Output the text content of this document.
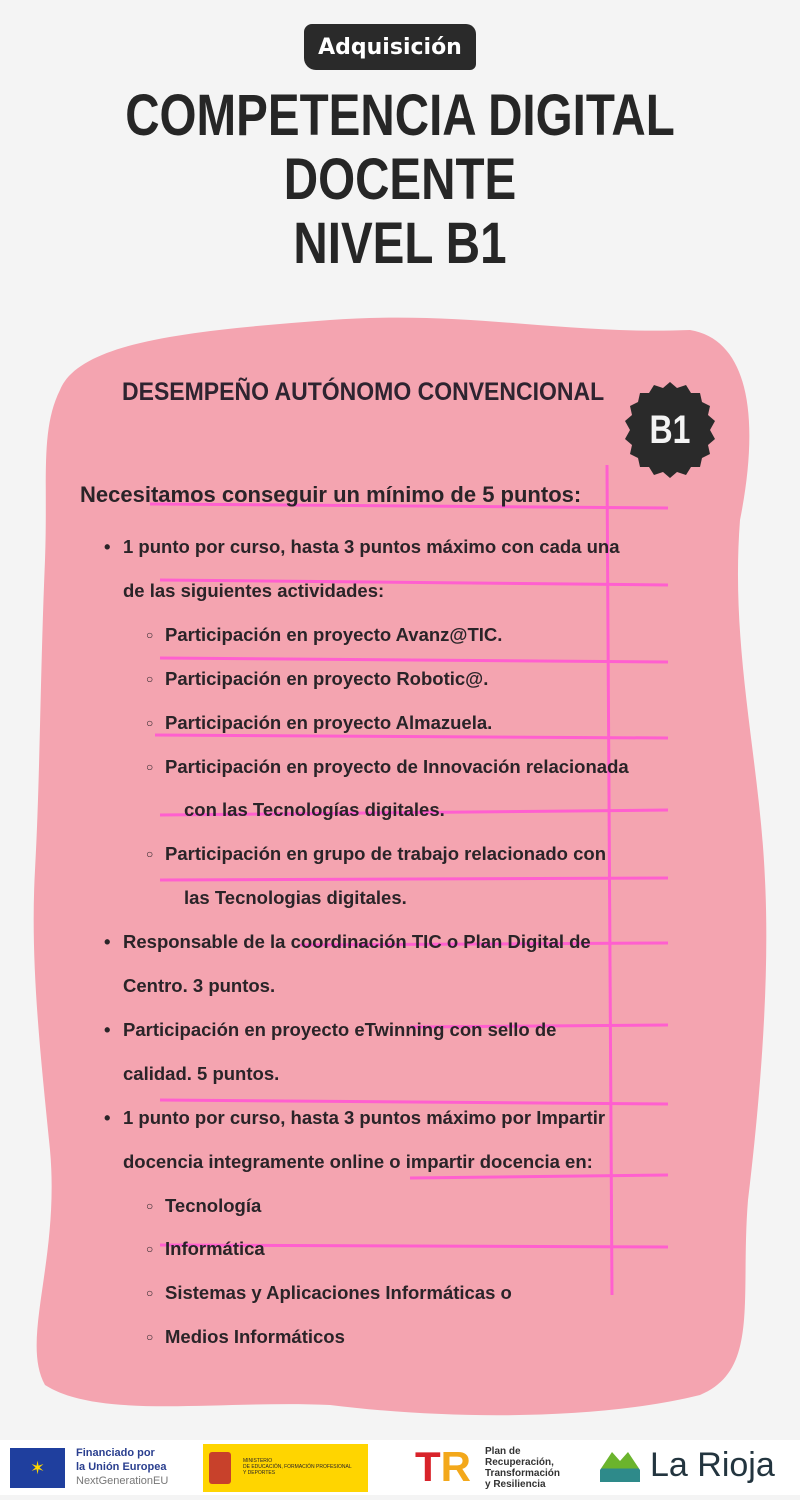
Adquisición
COMPETENCIA DIGITAL
DOCENTE
NIVEL B1
DESEMPEÑO AUTÓNOMO CONVENCIONAL
B1
Necesitamos conseguir un mínimo de 5 puntos:
• 1 punto por curso, hasta 3 puntos máximo con cada una
de las siguientes actividades:
○ Participación en proyecto Avanz@TIC.
○ Participación en proyecto Robotic@.
○ Participación en proyecto Almazuela.
○ Participación en proyecto de Innovación relacionada
con las Tecnologías digitales.
○ Participación en grupo de trabajo relacionado con
las Tecnologias digitales.
• Responsable de la coordinación TIC o Plan Digital de
Centro. 3 puntos.
• Participación en proyecto eTwinning con sello de
calidad. 5 puntos.
• 1 punto por curso, hasta 3 puntos máximo por Impartir
docencia integramente online o impartir docencia en:
○ Tecnología
○ Informática
○ Sistemas y Aplicaciones Informáticas o
○ Medios Informáticos
✶
Financiado por
la Unión Europea
NextGenerationEU
MINISTERIO
DE EDUCACIÓN, FORMACIÓN PROFESIONAL
Y DEPORTES	TR Plan de
Recuperación,
Transformación
y Resiliencia
La Rioja
